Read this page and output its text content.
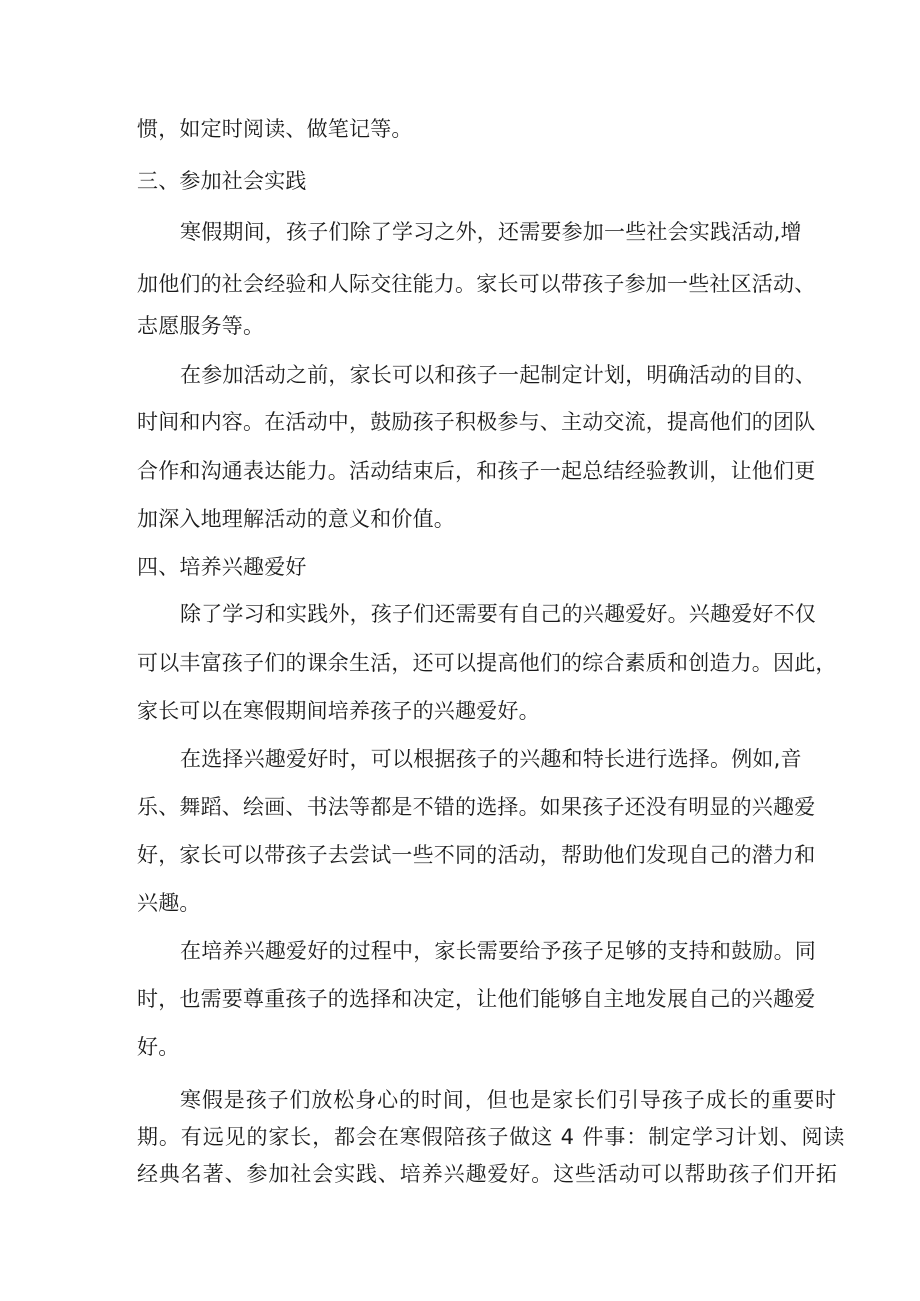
惯，如定时阅读、做笔记等。
三、参加社会实践
寒假期间，孩子们除了学习之外，还需要参加一些社会实践活动,增
加他们的社会经验和人际交往能力。家长可以带孩子参加一些社区活动、
志愿服务等。
在参加活动之前，家长可以和孩子一起制定计划，明确活动的目的、
时间和内容。在活动中，鼓励孩子积极参与、主动交流，提高他们的团队
合作和沟通表达能力。活动结束后，和孩子一起总结经验教训，让他们更
加深入地理解活动的意义和价值。
四、培养兴趣爱好
除了学习和实践外，孩子们还需要有自己的兴趣爱好。兴趣爱好不仅
可以丰富孩子们的课余生活，还可以提高他们的综合素质和创造力。因此，
家长可以在寒假期间培养孩子的兴趣爱好。
在选择兴趣爱好时，可以根据孩子的兴趣和特长进行选择。例如,音
乐、舞蹈、绘画、书法等都是不错的选择。如果孩子还没有明显的兴趣爱
好，家长可以带孩子去尝试一些不同的活动，帮助他们发现自己的潜力和
兴趣。
在培养兴趣爱好的过程中，家长需要给予孩子足够的支持和鼓励。同
时，也需要尊重孩子的选择和决定，让他们能够自主地发展自己的兴趣爱
好。
寒假是孩子们放松身心的时间，但也是家长们引导孩子成长的重要时
期。有远见的家长，都会在寒假陪孩子做这 4 件事：制定学习计划、阅读
经典名著、参加社会实践、培养兴趣爱好。这些活动可以帮助孩子们开拓
